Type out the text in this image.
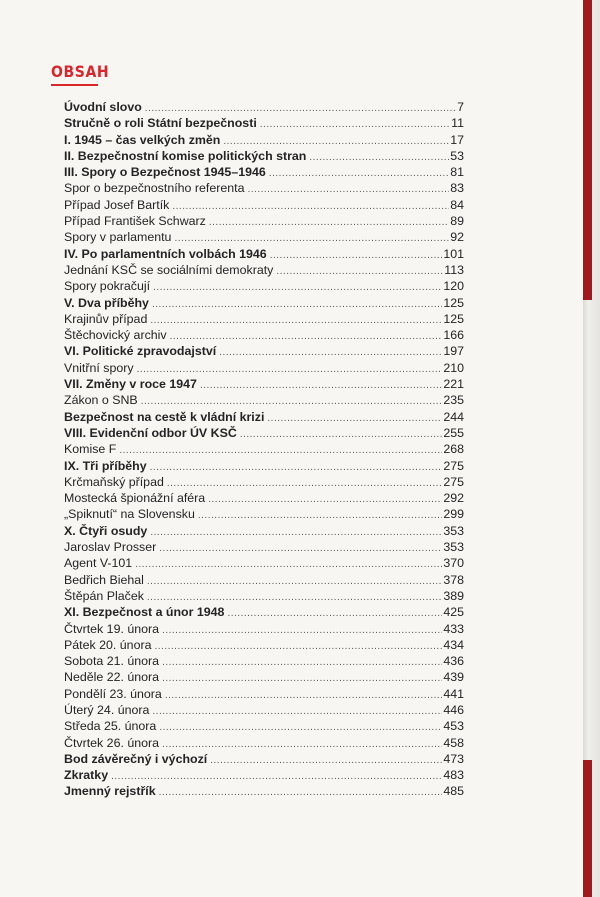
OBSAH
Úvodní slovo .....	7
Stručně o roli Státní bezpečnosti .....	11
I. 1945 – čas velkých změn .....	17
II. Bezpečnostní komise politických stran .....	53
III. Spory o Bezpečnost 1945–1946 .....	81
Spor o bezpečnostního referenta .....	83
Případ Josef Bartík .....	84
Případ František Schwarz .....	89
Spory v parlamentu .....	92
IV. Po parlamentních volbách 1946 .....	101
Jednání KSČ se sociálními demokraty .....	113
Spory pokračují .....	120
V. Dva příběhy .....	125
Krajinův případ .....	125
Štěchovický archiv .....	166
VI. Politické zpravodajství .....	197
Vnitřní spory .....	210
VII. Změny v roce 1947 .....	221
Zákon o SNB .....	235
Bezpečnost na cestě k vládní krizi .....	244
VIII. Evidenční odbor ÚV KSČ .....	255
Komise F .....	268
IX. Tři příběhy .....	275
Krčmaňský případ .....	275
Mostecká špionážní aféra .....	292
„Spiknutí“ na Slovensku .....	299
X. Čtyři osudy .....	353
Jaroslav Prosser .....	353
Agent V-101 .....	370
Bedřich Biehal .....	378
Štěpán Plaček .....	389
XI. Bezpečnost a únor 1948 .....	425
Čtvrtek 19. února .....	433
Pátek 20. února .....	434
Sobota 21. února .....	436
Neděle 22. února .....	439
Pondělí 23. února .....	441
Úterý 24. února .....	446
Středa 25. února .....	453
Čtvrtek 26. února .....	458
Bod závěrečný i výchozí .....	473
Zkratky .....	483
Jmenný rejstřík .....	485
